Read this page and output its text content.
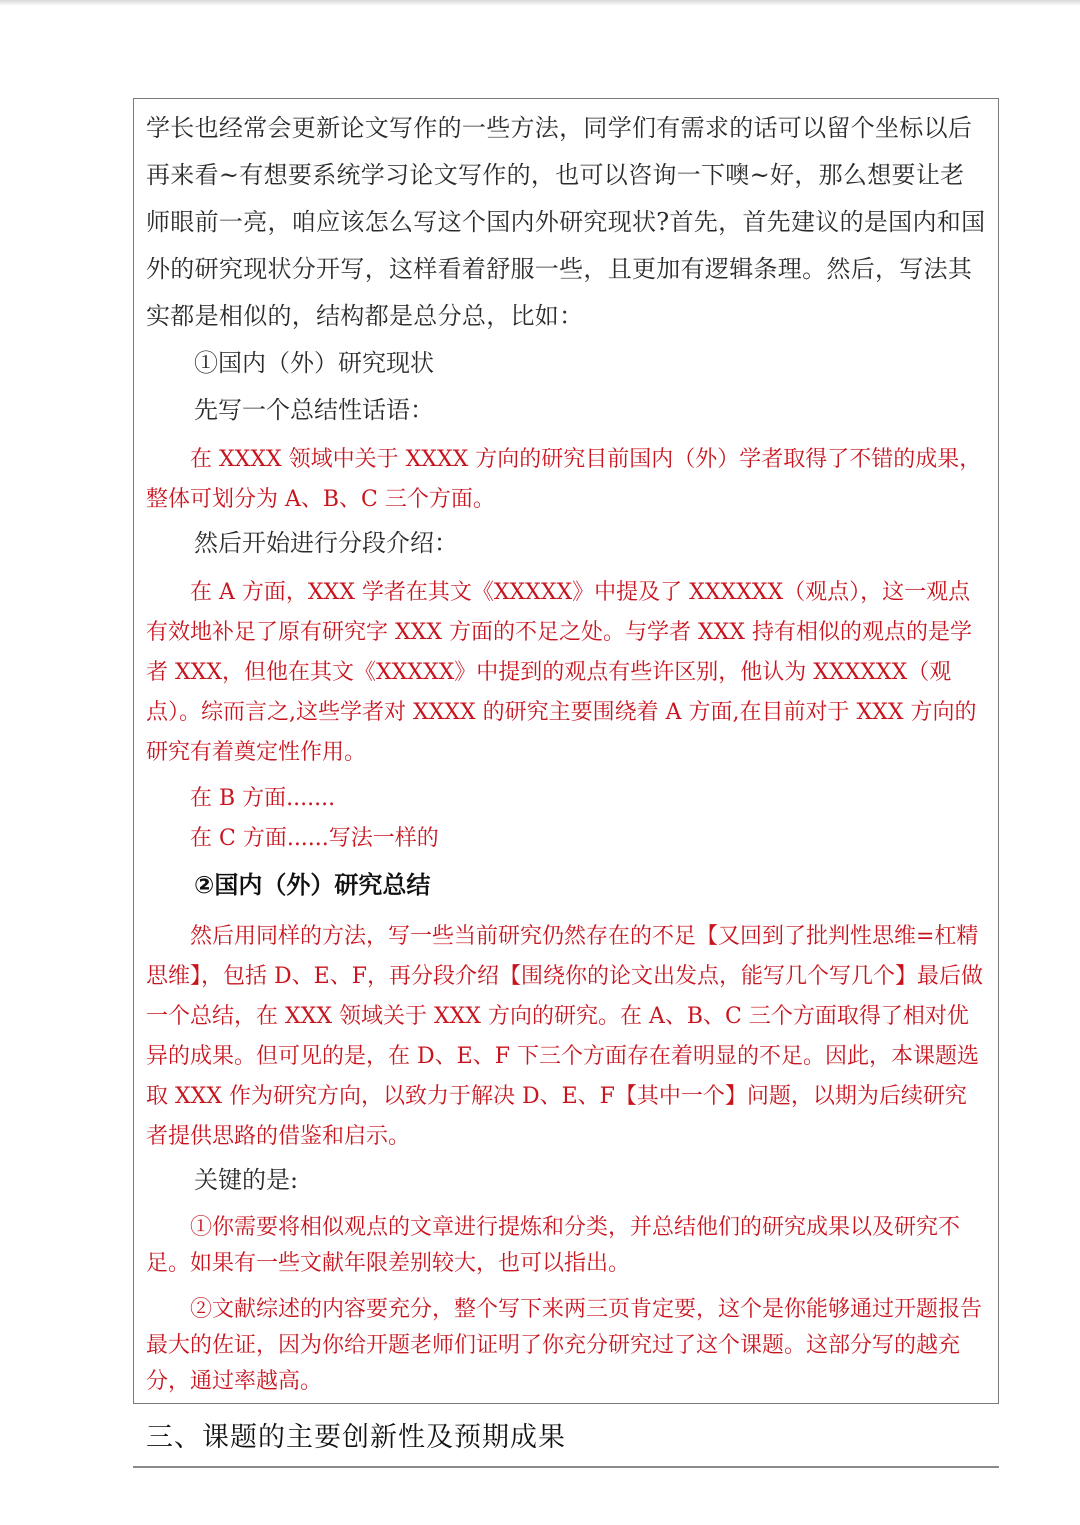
学长也经常会更新论文写作的一些方法，同学们有需求的话可以留个坐标以后再来看~有想要系统学习论文写作的，也可以咨询一下噢~好，那么想要让老师眼前一亮，咱应该怎么写这个国内外研究现状?首先，首先建议的是国内和国外的研究现状分开写，这样看着舒服一些，且更加有逻辑条理。然后，写法其实都是相似的，结构都是总分总，比如：

①国内（外）研究现状

先写一个总结性话语：

在 XXXX 领域中关于 XXXX 方向的研究目前国内（外）学者取得了不错的成果，整体可划分为 A、B、C 三个方面。

然后开始进行分段介绍：

在 A 方面，XXX 学者在其文《XXXXX》中提及了 XXXXXX（观点），这一观点有效地补足了原有研究字 XXX 方面的不足之处。与学者 XXX 持有相似的观点的是学者 XXX，但他在其文《XXXXX》中提到的观点有些许区别，他认为 XXXXXX（观点）。综而言之,这些学者对 XXXX 的研究主要围绕着 A 方面,在目前对于 XXX 方向的研究有着奠定性作用。

在 B 方面.......

在 C 方面......写法一样的

②国内（外）研究总结

然后用同样的方法，写一些当前研究仍然存在的不足【又回到了批判性思维=杠精思维】，包括 D、E、F，再分段介绍【围绕你的论文出发点，能写几个写几个】最后做一个总结，在 XXX 领域关于 XXX 方向的研究。在 A、B、C 三个方面取得了相对优异的成果。但可见的是，在 D、E、F 下三个方面存在着明显的不足。因此，本课题选取 XXX 作为研究方向，以致力于解决 D、E、F【其中一个】问题，以期为后续研究者提供思路的借鉴和启示。

关键的是:

①你需要将相似观点的文章进行提炼和分类，并总结他们的研究成果以及研究不足。如果有一些文献年限差别较大，也可以指出。

②文献综述的内容要充分，整个写下来两三页肯定要，这个是你能够通过开题报告最大的佐证，因为你给开题老师们证明了你充分研究过了这个课题。这部分写的越充分，通过率越高。

三、课题的主要创新性及预期成果
